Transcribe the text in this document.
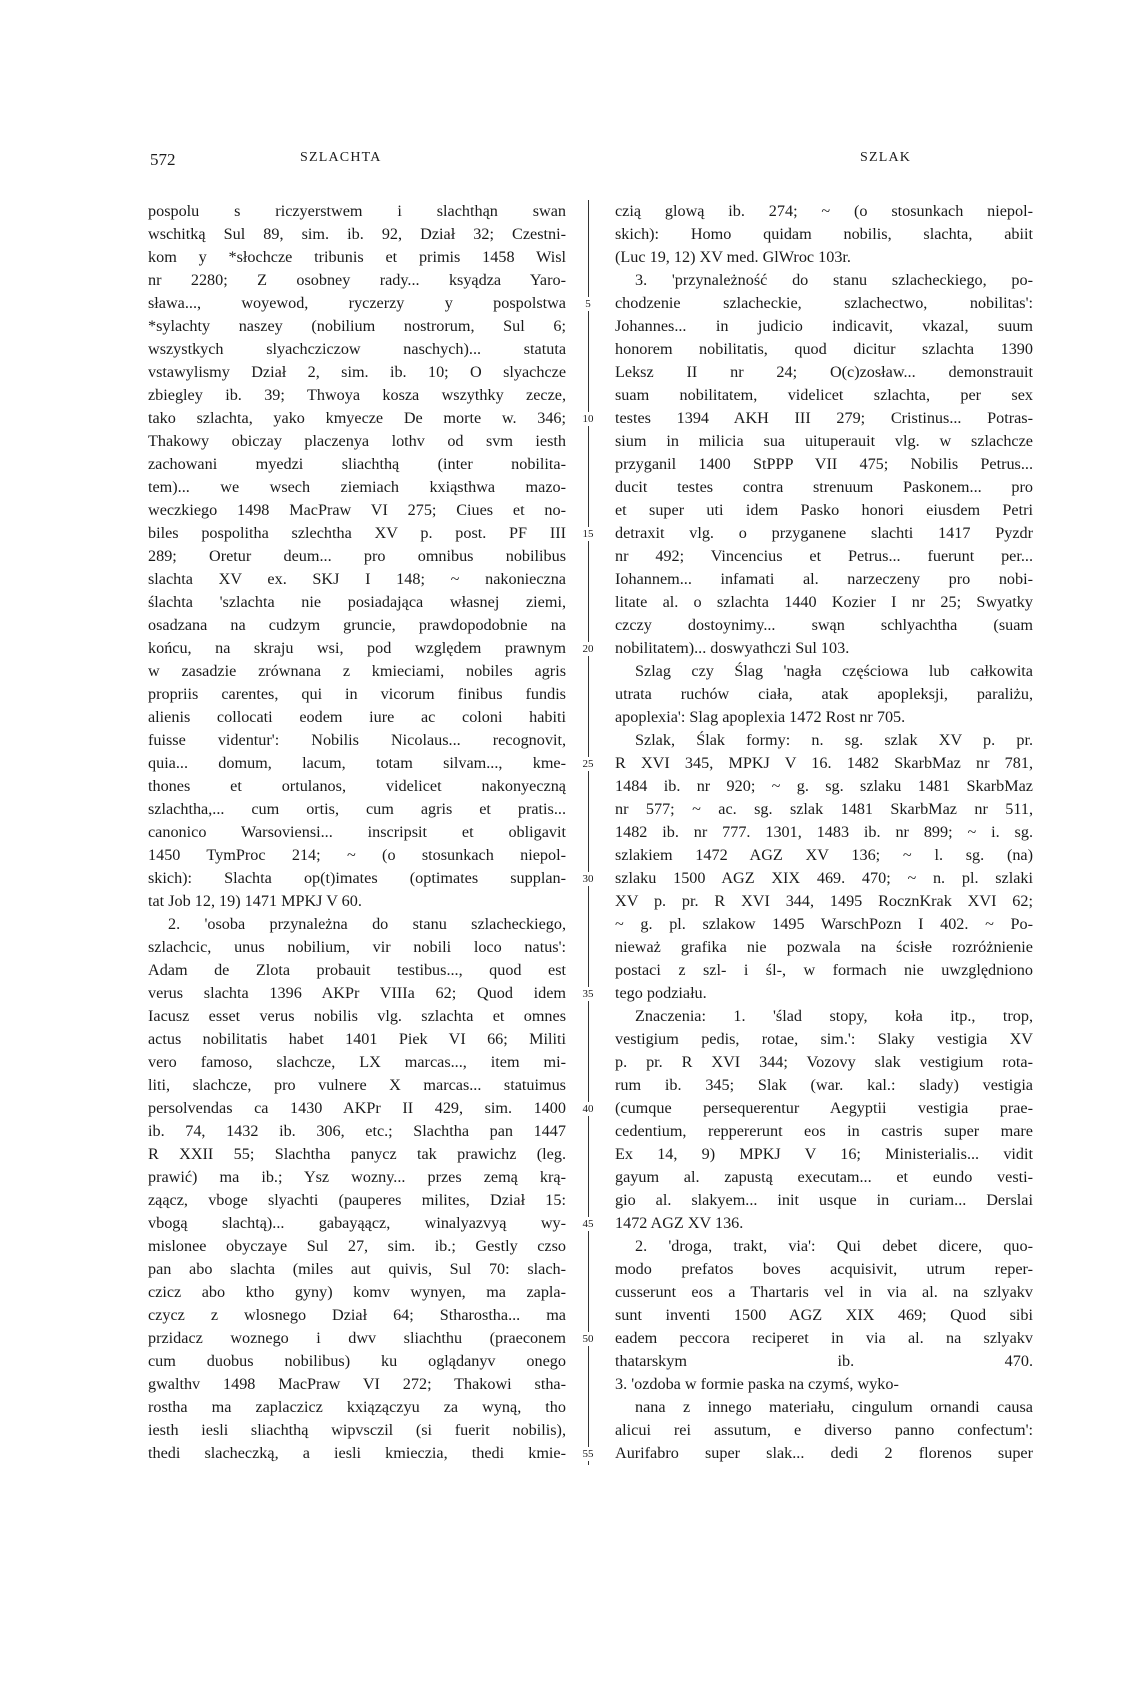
572	SZLACHTA	SZLAK
pospolu s riczyerstwem i slachthąn swan
wschitką Sul 89, sim. ib. 92, Dział 32; Czestni-
kom y *słochcze tribunis et primis 1458 Wisl
nr 2280; Z osobney rady... ksyądza Yaro-
sława..., woyewod, ryczerzy y pospolstwa
*sylachty naszey (nobilium nostrorum, Sul 6;
wszystkych slyachcziczow naschych)... statuta
vstawylismy Dział 2, sim. ib. 10; O slyachcze
zbiegley ib. 39; Thwoya kosza wszythky zecze,
tako szlachta, yako kmyecze De morte w. 346;
Thakowy obiczay placzenya lothv od svm iesth
zachowani myedzi sliachthą (inter nobilita-
tem)... we wsech ziemiach kxiąsthwa mazo-
weczkiego 1498 MacPraw VI 275; Ciues et no-
biles pospolitha szlechtha XV p. post. PF III
289; Oretur deum... pro omnibus nobilibus
slachta XV ex. SKJ I 148; ~ nakonieczna
ślachta 'szlachta nie posiadająca własnej ziemi,
osadzana na cudzym gruncie, prawdopodobnie na
końcu, na skraju wsi, pod względem prawnym
w zasadzie zrównana z kmieciami, nobiles agris
propriis carentes, qui in vicorum finibus fundis
alienis collocati eodem iure ac coloni habiti
fuisse videntur': Nobilis Nicolaus... recognovit,
quia... domum, lacum, totam silvam..., kme-
thones et ortulanos, videlicet nakonyeczną
szlachtha,... cum ortis, cum agris et pratis...
canonico Warsoviensi... inscripsit et obligavit
1450 TymProc 214; ~ (o stosunkach niepol-
skich): Slachta op(t)imates (optimates supplan-
tat Job 12, 19) 1471 MPKJ V 60.
2. 'osoba przynależna do stanu szlacheckiego,
szlachcic, unus nobilium, vir nobili loco natus':
Adam de Zlota probauit testibus..., quod est
verus slachta 1396 AKPr VIIIa 62; Quod idem
Iacusz esset verus nobilis vlg. szlachta et omnes
actus nobilitatis habet 1401 Piek VI 66; Militi
vero famoso, slachcze, LX marcas..., item mi-
liti, slachcze, pro vulnere X marcas... statuimus
persolvendas ca 1430 AKPr II 429, sim. 1400
ib. 74, 1432 ib. 306, etc.; Slachtha pan 1447
R XXII 55; Slachtha panycz tak prawichz (leg.
prawić) ma ib.; Ysz wozny... przes zemą krą-
ząącz, vboge slyachti (pauperes milites, Dział 15:
vbogą slachtą)... gabayąącz, winalyazvyą wy-
mislonee obyczaye Sul 27, sim. ib.; Gestly czso
pan abo slachta (miles aut quivis, Sul 70: slach-
czicz abo ktho gyny) komv wynyen, ma zapla-
czycz z wlosnego Dział 64; Stharostha... ma
przidacz woznego i dwv sliachthu (praeconem
cum duobus nobilibus) ku oglądanyv onego
gwalthv 1498 MacPraw VI 272; Thakowi stha-
rostha ma zaplaczicz kxiązączyu za wyną, tho
iesth iesli sliachthą wipvsczil (si fuerit nobilis),
thedi slacheczką, a iesli kmieczia, thedi kmie-
5
10
15
20
25
30
35
40
45
50
55
czią glową ib. 274; ~ (o stosunkach niepol-
skich): Homo quidam nobilis, slachta, abiit
(Luc 19, 12) XV med. GlWroc 103r.
3. 'przynależność do stanu szlacheckiego, po-
chodzenie szlacheckie, szlachectwo, nobilitas':
Johannes... in judicio indicavit, vkazal, suum
honorem nobilitatis, quod dicitur szlachta 1390
Leksz II nr 24; O(c)zosław... demonstrauit
suam nobilitatem, videlicet szlachta, per sex
testes 1394 AKH III 279; Cristinus... Potras-
sium in milicia sua uituperauit vlg. w szlachcze
przyganil 1400 StPPP VII 475; Nobilis Petrus...
ducit testes contra strenuum Paskonem... pro
et super uti idem Pasko honori eiusdem Petri
detraxit vlg. o przyganene slachti 1417 Pyzdr
nr 492; Vincencius et Petrus... fuerunt per...
Iohannem... infamati al. narzeczeny pro nobi-
litate al. o szlachta 1440 Kozier I nr 25; Swyatky
czczy dostoynimy... swąn schlyachtha (suam
nobilitatem)... doswyathczi Sul 103.
Szlag czy Ślag 'nagła częściowa lub całkowita
utrata ruchów ciała, atak apopleksji, paraliżu,
apoplexia': Slag apoplexia 1472 Rost nr 705.
Szlak, Ślak formy: n. sg. szlak XV p. pr.
R XVI 345, MPKJ V 16. 1482 SkarbMaz nr 781,
1484 ib. nr 920; ~ g. sg. szlaku 1481 SkarbMaz
nr 577; ~ ac. sg. szlak 1481 SkarbMaz nr 511,
1482 ib. nr 777. 1301, 1483 ib. nr 899; ~ i. sg.
szlakiem 1472 AGZ XV 136; ~ l. sg. (na)
szlaku 1500 AGZ XIX 469. 470; ~ n. pl. szlaki
XV p. pr. R XVI 344, 1495 RocznKrak XVI 62;
~ g. pl. szlakow 1495 WarschPozn I 402. ~ Po-
nieważ grafika nie pozwala na ścisłe rozróżnienie
postaci z szl- i śl-, w formach nie uwzględniono
tego podziału.
Znaczenia: 1. 'ślad stopy, koła itp., trop,
vestigium pedis, rotae, sim.': Slaky vestigia XV
p. pr. R XVI 344; Vozovy slak vestigium rota-
rum ib. 345; Slak (war. kal.: slady) vestigia
(cumque persequerentur Aegyptii vestigia prae-
cedentium, reppererunt eos in castris super mare
Ex 14, 9) MPKJ V 16; Ministerialis... vidit
gayum al. zapustą executam... et eundo vesti-
gio al. slakyem... init usque in curiam... Derslai
1472 AGZ XV 136.
2. 'droga, trakt, via': Qui debet dicere, quo-
modo prefatos boves acquisivit, utrum reper-
cusserunt eos a Thartaris vel in via al. na szlyakv
sunt inventi 1500 AGZ XIX 469; Quod sibi
eadem peccora reciperet in via al. na szlyakv
thatarskym ib. 470.
3. 'ozdoba w formie paska na czymś, wyko-
nana z innego materiału, cingulum ornandi causa
alicui rei assutum, e diverso panno confectum':
Aurifabro super slak... dedi 2 florenos super
